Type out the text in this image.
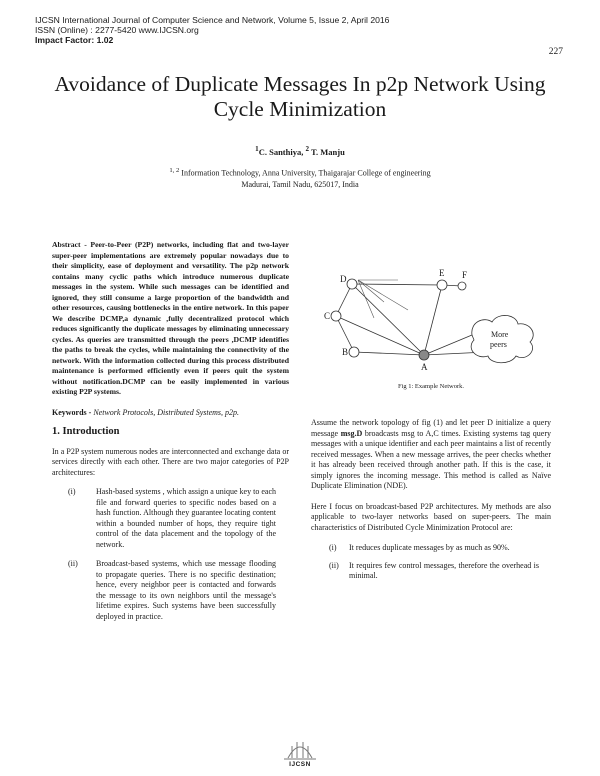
IJCSN International Journal of Computer Science and Network, Volume 5, Issue 2, April 2016
ISSN (Online) : 2277-5420 www.IJCSN.org
Impact Factor: 1.02
227
Avoidance of Duplicate Messages In p2p Network Using Cycle Minimization
$^1$C. Santhiya, $^2$ T. Manju
$^{1, 2}$ Information Technology, Anna University, Thaigarajar College of engineering
Madurai, Tamil Nadu, 625017, India

Abstract - Peer-to-Peer (P2P) networks, including flat and two-layer super-peer implementations are extremely popular nowadays due to their simplicity, ease of deployment and versatility. The p2p network contains many cyclic paths which introduce numerous duplicate messages in the system. While such messages can be identified and ignored, they still consume a large proportion of the bandwidth and other resources, causing bottlenecks in the entire network. In this paper We describe DCMP,a dynamic ,fully decentralized protocol which reduces significantly the duplicate messages by eliminating unnecessary cycles. As queries are transmitted through the peers ,DCMP identifies the paths to break the cycles, while maintaining the connectivity of the network. With the information collected during this process distributed maintenance is performed efficiently even if peers quit the system without notification.DCMP can be easily implemented in various existing P2P systems.

Keywords - Network Protocols, Distributed Systems, p2p.
1. Introduction
In a P2P system numerous nodes are interconnected and exchange data or services directly with each other. There are two major categories of P2P architectures:
(i)	Hash-based systems , which assign a unique key to each file and forward queries to specific nodes based on a hash function. Although they guarantee locating content within a bounded number of hops, they require tight control of the data placement and the topology of the network.
(ii)	Broadcast-based systems, which use message flooding to propagate queries. There is no specific destination; hence, every neighbor peer is contacted and forwards the message to its own neighbors until the message's lifetime expires. Such systems have been successfully deployed in practice.
D
C
B
A
E F
More
peers
Fig 1: Example Network.

Assume the network topology of fig (1) and let peer D initialize a query message msg.D broadcasts msg to A,C times. Existing systems tag query messages with a unique identifier and each peer maintains a list of recently received messages. When a new message arrives, the peer checks whether it has already been received through another path. If this is the case, it simply ignores the incoming message. This method is called as Naïve Duplicate Elimination (NDE).

Here I focus on broadcast-based P2P architectures. My methods are also applicable to two-layer networks based on super-peers. The main characteristics of Distributed Cycle Minimization Protocol are:

(i)	It reduces duplicate messages by as much as 90%.
(ii)	It requires few control messages, therefore the overhead is minimal.
IJCSN
